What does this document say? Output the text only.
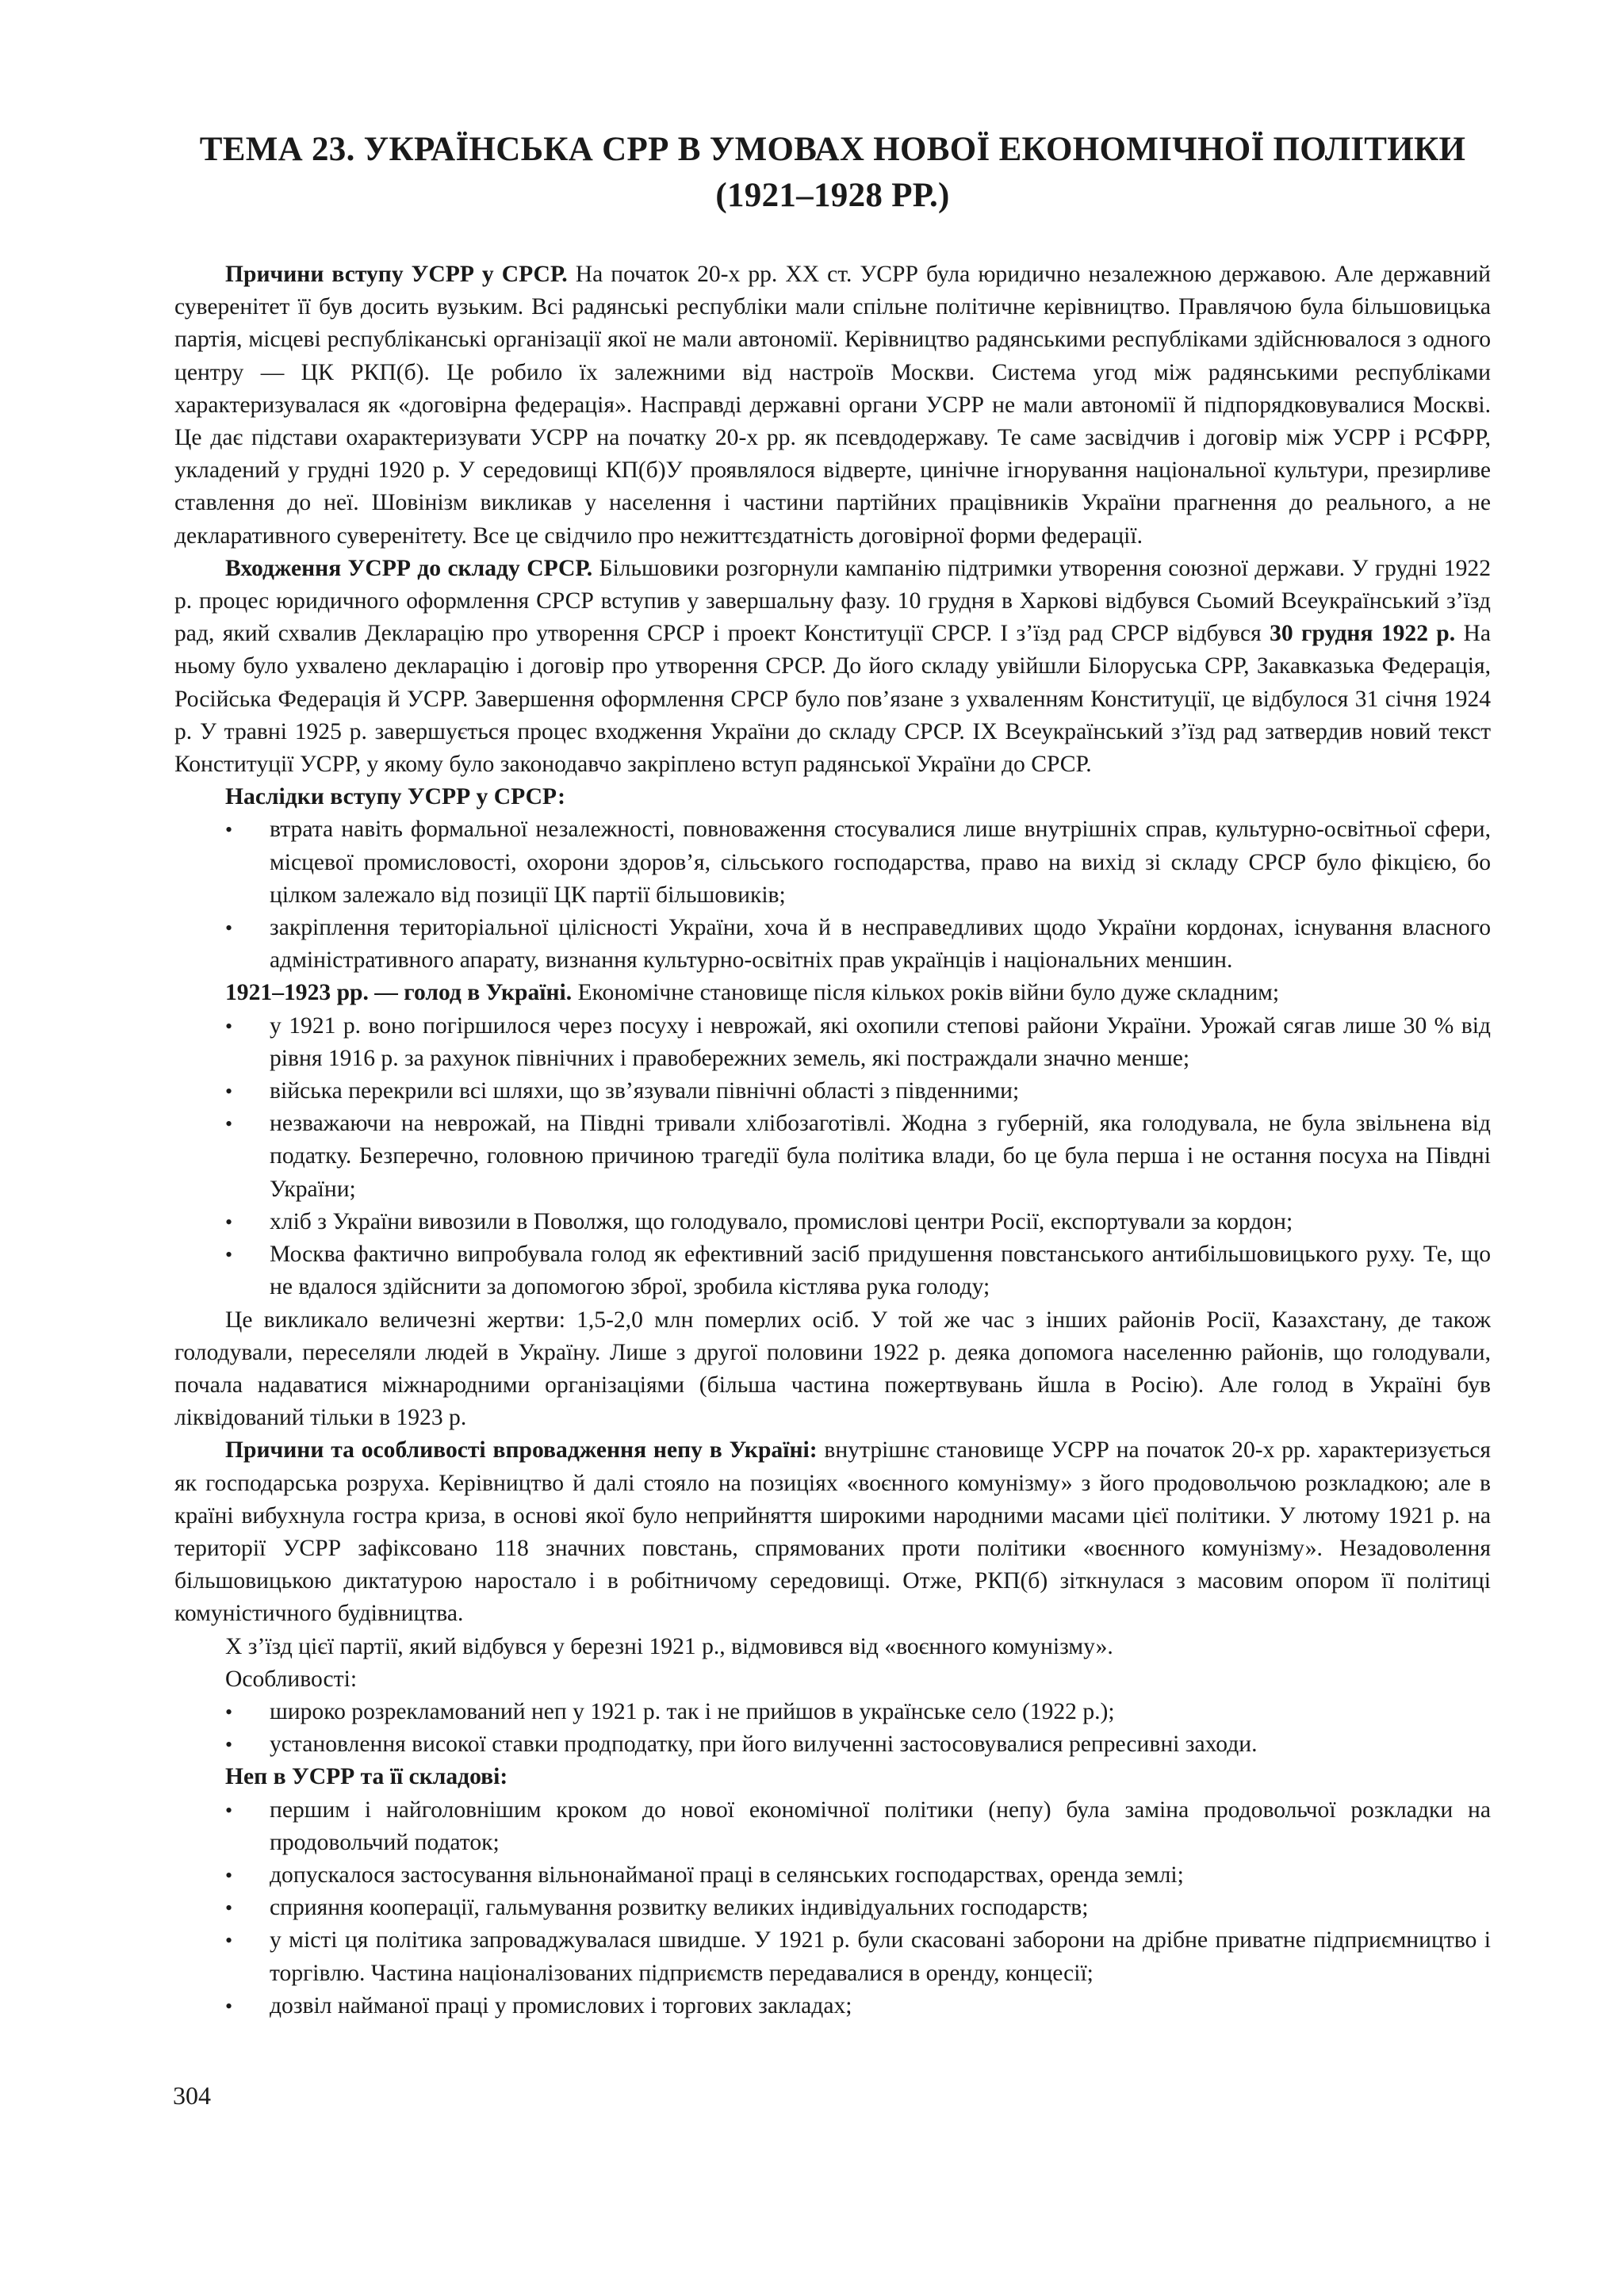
ТЕМА 23. УКРАЇНСЬКА СРР В УМОВАХ НОВОЇ ЕКОНОМІЧНОЇ ПОЛІТИКИ
(1921–1928 РР.)

Причини вступу УСРР у СРСР. На початок 20-х рр. XX ст. УСРР була юридично незалежною державою. Але державний суверенітет її був досить вузьким. Всі радянські республіки мали спільне політичне керівництво. Правлячою була більшовицька партія, місцеві республіканські організації якої не мали автономії. Керівництво радянськими республіками здійснювалося з одного центру — ЦК РКП(б). Це робило їх залежними від настроїв Москви. Система угод між радянськими республіками характеризувалася як «договірна федерація». Насправді державні органи УСРР не мали автономії й підпорядковувалися Москві. Це дає підстави охарактеризувати УСРР на початку 20-х рр. як псевдодержаву. Те саме засвідчив і договір між УСРР і РСФРР, укладений у грудні 1920 р. У середовищі КП(б)У проявлялося відверте, цинічне ігнорування національної культури, презирливе ставлення до неї. Шовінізм викликав у населення і частини партійних працівників України прагнення до реального, а не декларативного суверенітету. Все це свідчило про нежиттєздатність договірної форми федерації.

Входження УСРР до складу СРСР. Більшовики розгорнули кампанію підтримки утворення союзної держави. У грудні 1922 р. процес юридичного оформлення СРСР вступив у завершальну фазу. 10 грудня в Харкові відбувся Сьомий Всеукраїнський з’їзд рад, який схвалив Декларацію про утворення СРСР і проект Конституції СРСР. І з’їзд рад СРСР відбувся 30 грудня 1922 р. На ньому було ухвалено декларацію і договір про утворення СРСР. До його складу увійшли Білоруська СРР, Закавказька Федерація, Російська Федерація й УСРР. Завершення оформлення СРСР було пов’язане з ухваленням Конституції, це відбулося 31 січня 1924 р. У травні 1925 р. завершується процес входження України до складу СРСР. IX Всеукраїнський з’їзд рад затвердив новий текст Конституції УСРР, у якому було законодавчо закріплено вступ радянської України до СРСР.

Наслідки вступу УСРР у СРСР:
• втрата навіть формальної незалежності, повноваження стосувалися лише внутрішніх справ, культурно-освітньої сфери, місцевої промисловості, охорони здоров’я, сільського господарства, право на вихід зі складу СРСР було фікцією, бо цілком залежало від позиції ЦК партії більшовиків;
• закріплення територіальної цілісності України, хоча й в несправедливих щодо України кордонах, існування власного адміністративного апарату, визнання культурно-освітніх прав українців і національних меншин.
1921–1923 рр. — голод в Україні. Економічне становище після кількох років війни було дуже складним;
• у 1921 р. воно погіршилося через посуху і неврожай, які охопили степові райони України. Урожай сягав лише 30 % від рівня 1916 р. за рахунок північних і правобережних земель, які постраждали значно менше;
• війська перекрили всі шляхи, що зв’язували північні області з південними;
• незважаючи на неврожай, на Півдні тривали хлібозаготівлі. Жодна з губерній, яка голодувала, не була звільнена від податку. Безперечно, головною причиною трагедії була політика влади, бо це була перша і не остання посуха на Півдні України;
• хліб з України вивозили в Поволжя, що голодувало, промислові центри Росії, експортували за кордон;
• Москва фактично випробувала голод як ефективний засіб придушення повстанського антибільшовицького руху. Те, що не вдалося здійснити за допомогою зброї, зробила кістлява рука голоду;

Це викликало величезні жертви: 1,5-2,0 млн померлих осіб. У той же час з інших районів Росії, Казахстану, де також голодували, переселяли людей в Україну. Лише з другої половини 1922 р. деяка допомога населенню районів, що голодували, почала надаватися міжнародними організаціями (більша частина пожертвувань йшла в Росію). Але голод в Україні був ліквідований тільки в 1923 р.

Причини та особливості впровадження непу в Україні: внутрішнє становище УСРР на початок 20-х рр. характеризується як господарська розруха. Керівництво й далі стояло на позиціях «воєнного комунізму» з його продовольчою розкладкою; але в країні вибухнула гостра криза, в основі якої було неприйняття широкими народними масами цієї політики. У лютому 1921 р. на території УСРР зафіксовано 118 значних повстань, спрямованих проти політики «воєнного комунізму». Незадоволення більшовицькою диктатурою наростало і в робітничому середовищі. Отже, РКП(б) зіткнулася з масовим опором її політиці комуністичного будівництва.

X з’їзд цієї партії, який відбувся у березні 1921 р., відмовився від «воєнного комунізму».

Особливості:

• широко розрекламований неп у 1921 р. так і не прийшов в українське село (1922 р.);
• установлення високої ставки продподатку, при його вилученні застосовувалися репресивні заходи.
Неп в УСРР та її складові:
• першим і найголовнішим кроком до нової економічної політики (непу) була заміна продовольчої розкладки на продовольчий податок;
• допускалося застосування вільнонайманої праці в селянських господарствах, оренда землі;
• сприяння кооперації, гальмування розвитку великих індивідуальних господарств;
• у місті ця політика запроваджувалася швидше. У 1921 р. були скасовані заборони на дрібне приватне підприємництво і торгівлю. Частина націоналізованих підприємств передавалися в оренду, концесії;
• дозвіл найманої праці у промислових і торгових закладах;
304
